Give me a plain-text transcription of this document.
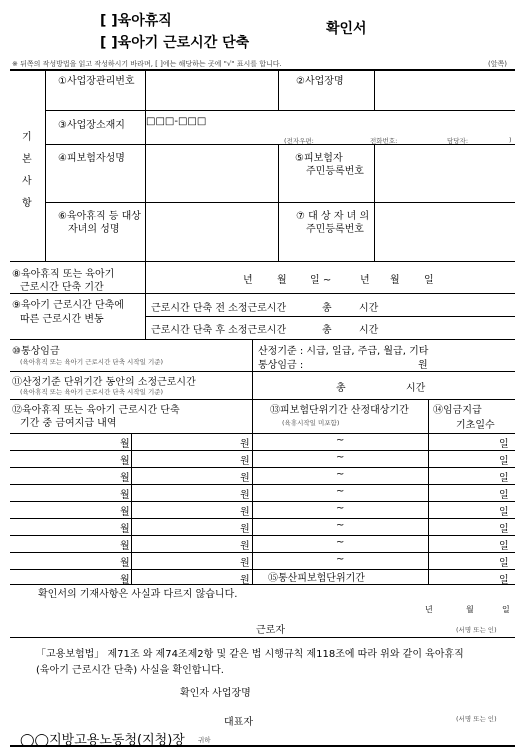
[ ]육아휴직
[ ]육아기 근로시간 단축
확인서
※ 뒤쪽의 작성방법을 읽고 작성하시기 바라며, [ ]에는 해당하는 곳에 "√" 표시를 합니다.	(앞쪽)
기
본
사
항
①사업장관리번호	②사업장명
③사업장소재지 □□□-□□□
(전자우편:	전화번호:	담당자:	)
④피보험자성명	⑤피보험자
주민등록번호
⑥육아휴직 등 대상
자녀의 성명
⑦ 대 상 자 녀 의
주민등록번호
⑧육아휴직 또는 육아기
근로시간 단축 기간
년 월 일 ~	년 월 일
⑨육아기 근로시간 단축에
따른 근로시간 변동
근로시간 단축 전 소정근로시간	총	시간
근로시간 단축 후 소정근로시간	총	시간
⑩통상임금
(육아휴직 또는 육아기 근로시간 단축 시작일 기준)
산정기준 : 시급, 일급, 주급, 월급, 기타
통상임금 :	원
⑪산정기준 단위기간 동안의 소정근로시간
(육아휴직 또는 육아기 근로시간 단축 시작일 기준)	총	시간
⑫육아휴직 또는 육아기 근로시간 단축
기간 중 금여지급 내역
⑬피보험단위기간 산정대상기간
(육휴시작일 미포함)
⑭임금지급
기초일수
월	원	~	일
월	원	~	일
월	원	~	일
월	원	~	일
월	원	~	일
월	원	~	일
월	원	~	일
월	원	~	일
월	원	일
⑮통산피보험단위기간
확인서의 기재사항은 사실과 다르지 않습니다.
년	월	일
근로자	(서명 또는 인)
「고용보험법」 제71조 와 제74조제2항 및 같은 법 시행규칙 제118조에 따라 위와 같이 육아휴직
(육아기 근로시간 단축) 사실을 확인합니다.
확인자 사업장명
대표자	(서명 또는 인)
◯◯지방고용노동청(지청)장 귀하
